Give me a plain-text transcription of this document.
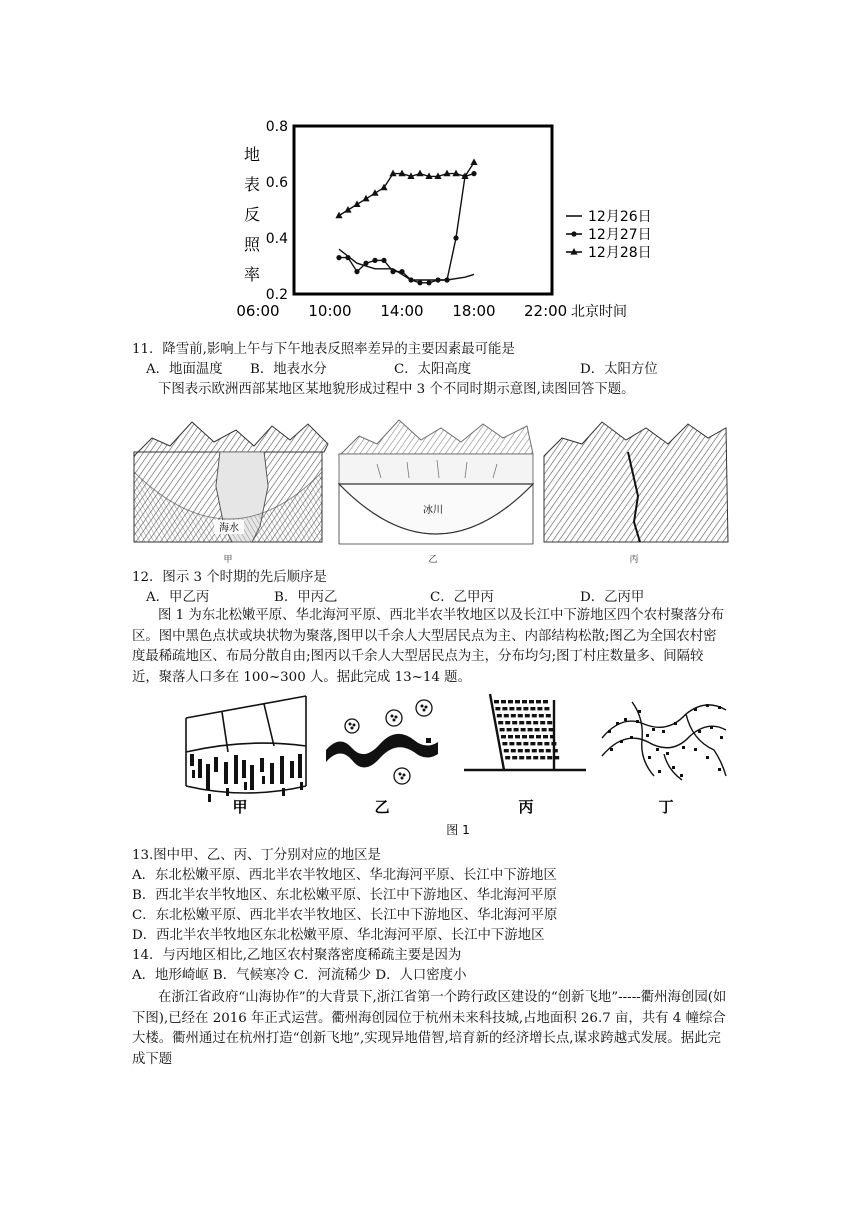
0.8
0.6
0.4
0.2
06:00 10:00 14:00 18:00 22:00 北京时间
地
表
反
照
率
12月26日
12月27日
12月28日
11．降雪前,影响上午与下午地表反照率差异的主要因素最可能是
A．地面温度 B．地表水分	C．太阳高度	D．太阳方位
下图表示欧洲西部某地区某地貌形成过程中 3 个不同时期示意图,读图回答下题。
海水
甲
冰川
乙	丙
12．图示 3 个时期的先后顺序是
A．甲乙丙	B．甲丙乙	C．乙甲丙	D．乙丙甲
图 1 为东北松嫩平原、华北海河平原、西北半农半牧地区以及长江中下游地区四个农村聚落分布区。图中黑色点状或块状物为聚落,图甲以千余人大型居民点为主、内部结构松散;图乙为全国农村密度最稀疏地区、布局分散自由;图丙以千余人大型居民点为主，分布均匀;图丁村庄数量多、间隔较近，聚落人口多在 100~300 人。据此完成 13~14 题。
甲	乙	丙	丁
图 1
13.图中甲、乙、丙、丁分别对应的地区是
A．东北松嫩平原、西北半农半牧地区、华北海河平原、长江中下游地区
B．西北半农半牧地区、东北松嫩平原、长江中下游地区、华北海河平原
C．东北松嫩平原、西北半农半牧地区、长江中下游地区、华北海河平原
D．西北半农半牧地区东北松嫩平原、华北海河平原、长江中下游地区
14．与丙地区相比,乙地区农村聚落密度稀疏主要是因为
A．地形崎岖 B．气候寒冷 C．河流稀少 D．人口密度小
在浙江省政府“山海协作”的大背景下,浙江省第一个跨行政区建设的“创新飞地”-----衢州海创园(如下图),已经在 2016 年正式运营。衢州海创园位于杭州未来科技城,占地面积 26.7 亩，共有 4 幢综合大楼。衢州通过在杭州打造“创新飞地”,实现异地借智,培育新的经济增长点,谋求跨越式发展。据此完成下题
